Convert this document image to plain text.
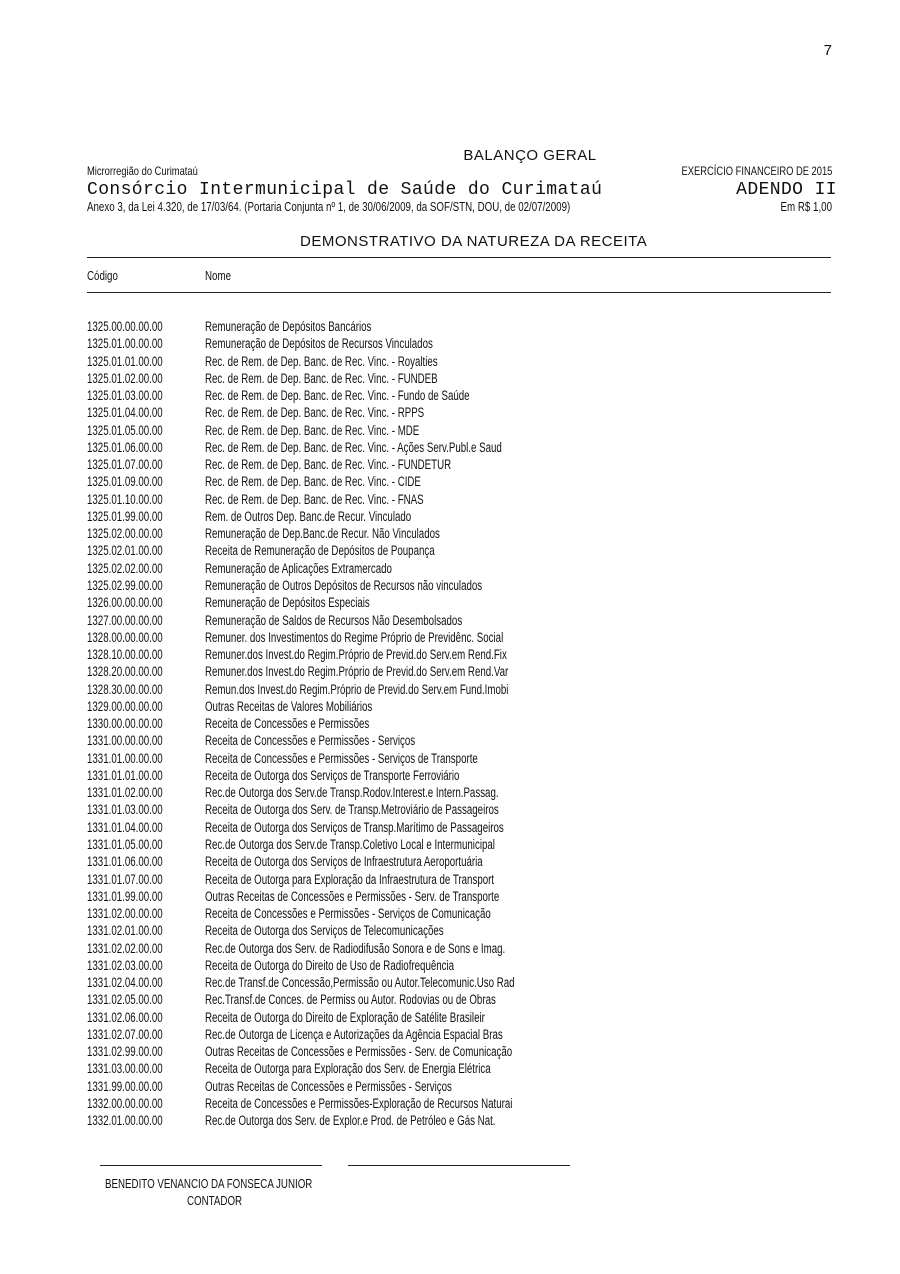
7
BALANÇO GERAL
Microrregião do Curimataú	EXERCÍCIO FINANCEIRO DE 2015
Consórcio Intermunicipal de Saúde do Curimataú	ADENDO II
Anexo 3, da Lei 4.320, de 17/03/64. (Portaria Conjunta nº 1, de 30/06/2009, da SOF/STN, DOU, de 02/07/2009)	Em R$ 1,00
DEMONSTRATIVO DA NATUREZA DA RECEITA
Código	Nome
1325.00.00.00.00	Remuneração de Depósitos Bancários
1325.01.00.00.00	Remuneração de Depósitos de Recursos Vinculados
1325.01.01.00.00	Rec. de Rem. de Dep. Banc. de Rec. Vinc. - Royalties
1325.01.02.00.00	Rec. de Rem. de Dep. Banc. de Rec. Vinc. - FUNDEB
1325.01.03.00.00	Rec. de Rem. de Dep. Banc. de Rec. Vinc. - Fundo de Saúde
1325.01.04.00.00	Rec. de Rem. de Dep. Banc. de Rec. Vinc. - RPPS
1325.01.05.00.00	Rec. de Rem. de Dep. Banc. de Rec. Vinc. - MDE
1325.01.06.00.00	Rec. de Rem. de Dep. Banc. de Rec. Vinc. - Ações Serv.Publ.e Saud
1325.01.07.00.00	Rec. de Rem. de Dep. Banc. de Rec. Vinc. - FUNDETUR
1325.01.09.00.00	Rec. de Rem. de Dep. Banc. de Rec. Vinc. - CIDE
1325.01.10.00.00	Rec. de Rem. de Dep. Banc. de Rec. Vinc. - FNAS
1325.01.99.00.00	Rem. de Outros Dep. Banc.de Recur. Vinculado
1325.02.00.00.00	Remuneração de Dep.Banc.de Recur. Não Vinculados
1325.02.01.00.00	Receita de Remuneração de Depósitos de Poupança
1325.02.02.00.00	Remuneração de Aplicações Extramercado
1325.02.99.00.00	Remuneração de Outros Depósitos de Recursos não vinculados
1326.00.00.00.00	Remuneração de Depósitos Especiais
1327.00.00.00.00	Remuneração de Saldos de Recursos Não Desembolsados
1328.00.00.00.00	Remuner. dos Investimentos do Regime Próprio de Previdênc. Social
1328.10.00.00.00	Remuner.dos Invest.do Regim.Próprio de Previd.do Serv.em Rend.Fix
1328.20.00.00.00	Remuner.dos Invest.do Regim.Próprio de Previd.do Serv.em Rend.Var
1328.30.00.00.00	Remun.dos Invest.do Regim.Próprio de Previd.do Serv.em Fund.Imobi
1329.00.00.00.00	Outras Receitas de Valores Mobiliários
1330.00.00.00.00	Receita de Concessões e Permissões
1331.00.00.00.00	Receita de Concessões e Permissões - Serviços
1331.01.00.00.00	Receita de Concessões e Permissões - Serviços de Transporte
1331.01.01.00.00	Receita de Outorga dos Serviços de Transporte Ferroviário
1331.01.02.00.00	Rec.de Outorga dos Serv.de Transp.Rodov.Interest.e Intern.Passag.
1331.01.03.00.00	Receita de Outorga dos Serv. de Transp.Metroviário de Passageiros
1331.01.04.00.00	Receita de Outorga dos Serviços de Transp.Marítimo de Passageiros
1331.01.05.00.00	Rec.de Outorga dos Serv.de Transp.Coletivo Local e Intermunicipal
1331.01.06.00.00	Receita de Outorga dos Serviços de Infraestrutura Aeroportuária
1331.01.07.00.00	Receita de Outorga para Exploração da Infraestrutura de Transport
1331.01.99.00.00	Outras Receitas de Concessões e Permissões - Serv. de Transporte
1331.02.00.00.00	Receita de Concessões e Permissões - Serviços de Comunicação
1331.02.01.00.00	Receita de Outorga dos Serviços de Telecomunicações
1331.02.02.00.00	Rec.de Outorga dos Serv. de Radiodifusão Sonora e de Sons e Imag.
1331.02.03.00.00	Receita de Outorga do Direito de Uso de Radiofrequência
1331.02.04.00.00	Rec.de Transf.de Concessão,Permissão ou Autor.Telecomunic.Uso Rad
1331.02.05.00.00	Rec.Transf.de Conces. de Permiss ou Autor. Rodovias ou de Obras
1331.02.06.00.00	Receita de Outorga do Direito de Exploração de Satélite Brasileir
1331.02.07.00.00	Rec.de Outorga de Licença e Autorizações da Agência Espacial Bras
1331.02.99.00.00	Outras Receitas de Concessões e Permissões - Serv. de Comunicação
1331.03.00.00.00	Receita de Outorga para Exploração dos Serv. de Energia Elétrica
1331.99.00.00.00	Outras Receitas de Concessões e Permissões - Serviços
1332.00.00.00.00	Receita de Concessões e Permissões-Exploração de Recursos Naturai
1332.01.00.00.00	Rec.de Outorga dos Serv. de Explor.e Prod. de Petróleo e Gás Nat.
BENEDITO VENANCIO DA FONSECA JUNIOR
CONTADOR
